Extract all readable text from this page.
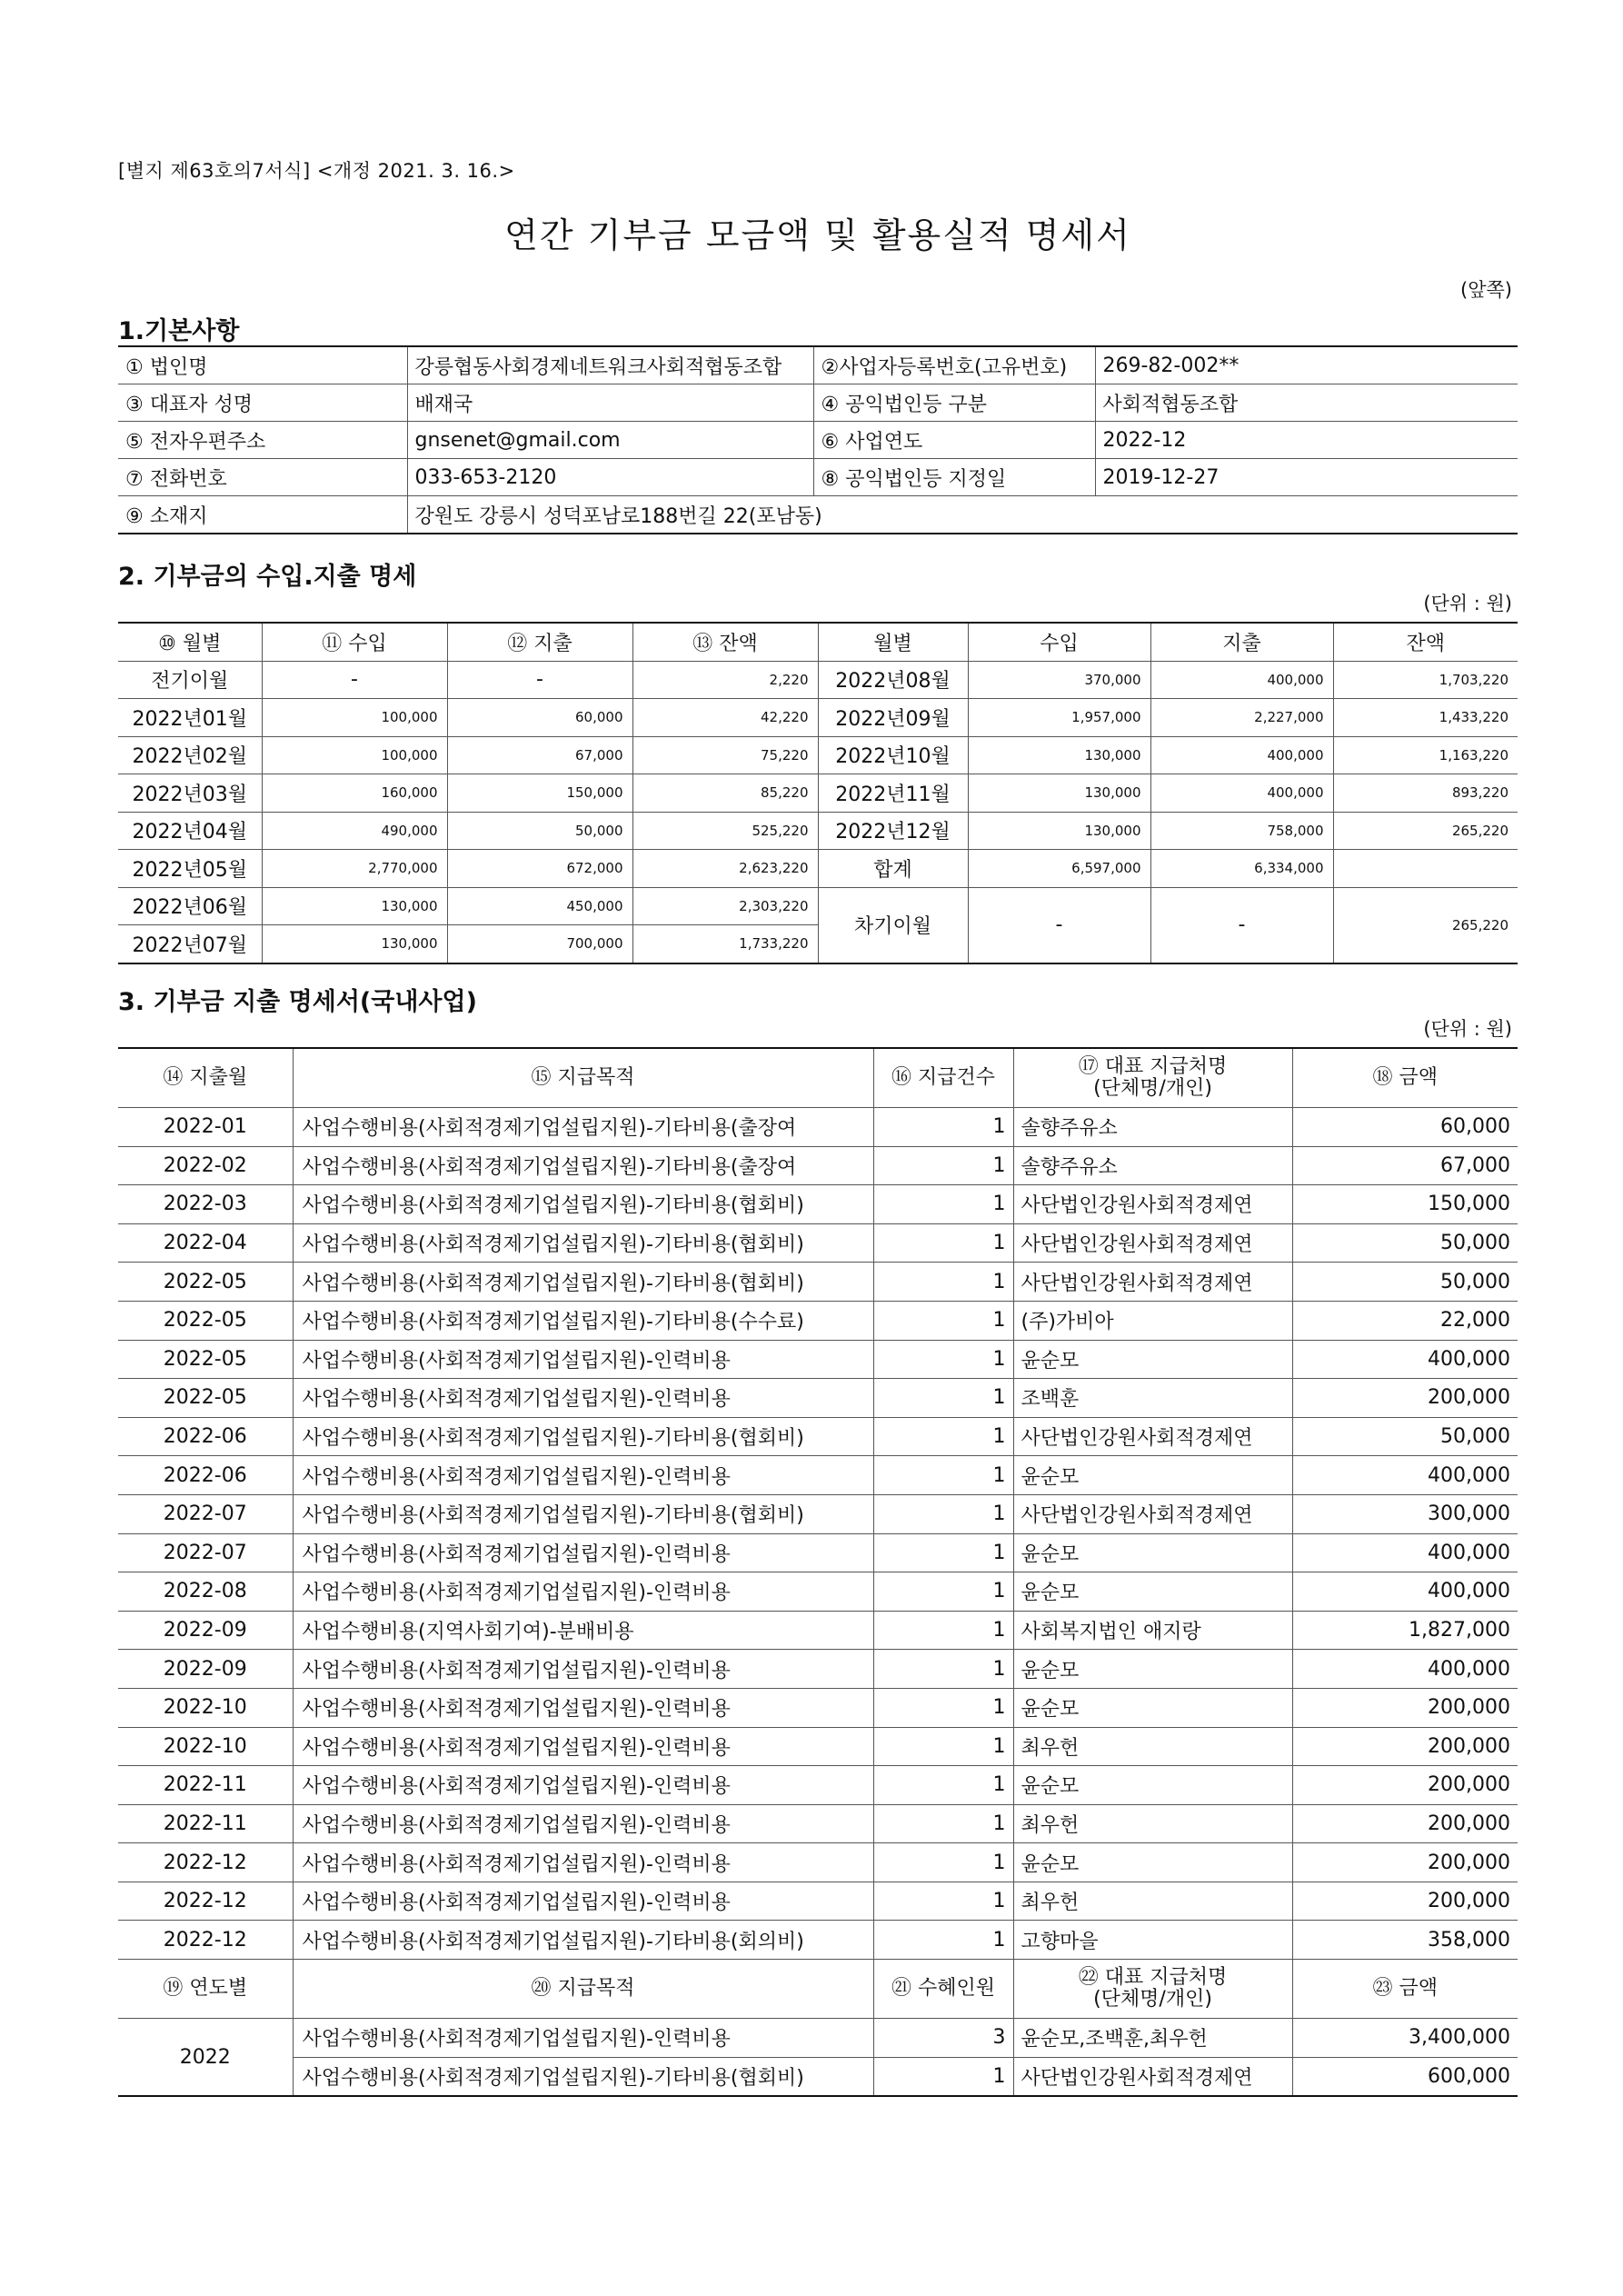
[별지 제63호의7서식] <개정 2021. 3. 16.>
연간 기부금 모금액 및 활용실적 명세서
(앞쪽)
1.기본사항
① 법인명	강릉협동사회경제네트워크사회적협동조합	②사업자등록번호(고유번호)	269-82-002**
③ 대표자 성명	배재국	④ 공익법인등 구분	사회적협동조합
⑤ 전자우편주소	gnsenet@gmail.com	⑥ 사업연도	2022-12
⑦ 전화번호	033-653-2120	⑧ 공익법인등 지정일	2019-12-27
⑨ 소재지	강원도 강릉시 성덕포남로188번길 22(포남동)		
2. 기부금의 수입.지출 명세
(단위 : 원)
⑩ 월별	⑪ 수입	⑫ 지출	⑬ 잔액	월별	수입	지출	잔액
전기이월	-	-	2,220	2022년08월	370,000	400,000	1,703,220
2022년01월	100,000	60,000	42,220	2022년09월	1,957,000	2,227,000	1,433,220
2022년02월	100,000	67,000	75,220	2022년10월	130,000	400,000	1,163,220
2022년03월	160,000	150,000	85,220	2022년11월	130,000	400,000	893,220
2022년04월	490,000	50,000	525,220	2022년12월	130,000	758,000	265,220
2022년05월	2,770,000	672,000	2,623,220	합계	6,597,000	6,334,000	
2022년06월	130,000	450,000	2,303,220	차기이월	-	-	265,220
2022년07월	130,000	700,000	1,733,220				
3. 기부금 지출 명세서(국내사업)
(단위 : 원)
⑭ 지출월	⑮ 지급목적	⑯ 지급건수	⑰ 대표 지급처명
(단체명/개인)	⑱ 금액
2022-01	사업수행비용(사회적경제기업설립지원)-기타비용(출장여	1	솔향주유소	60,000
2022-02	사업수행비용(사회적경제기업설립지원)-기타비용(출장여	1	솔향주유소	67,000
2022-03	사업수행비용(사회적경제기업설립지원)-기타비용(협회비)	1	사단법인강원사회적경제연	150,000
2022-04	사업수행비용(사회적경제기업설립지원)-기타비용(협회비)	1	사단법인강원사회적경제연	50,000
2022-05	사업수행비용(사회적경제기업설립지원)-기타비용(협회비)	1	사단법인강원사회적경제연	50,000
2022-05	사업수행비용(사회적경제기업설립지원)-기타비용(수수료)	1	(주)가비아	22,000
2022-05	사업수행비용(사회적경제기업설립지원)-인력비용	1	윤순모	400,000
2022-05	사업수행비용(사회적경제기업설립지원)-인력비용	1	조백훈	200,000
2022-06	사업수행비용(사회적경제기업설립지원)-기타비용(협회비)	1	사단법인강원사회적경제연	50,000
2022-06	사업수행비용(사회적경제기업설립지원)-인력비용	1	윤순모	400,000
2022-07	사업수행비용(사회적경제기업설립지원)-기타비용(협회비)	1	사단법인강원사회적경제연	300,000
2022-07	사업수행비용(사회적경제기업설립지원)-인력비용	1	윤순모	400,000
2022-08	사업수행비용(사회적경제기업설립지원)-인력비용	1	윤순모	400,000
2022-09	사업수행비용(지역사회기여)-분배비용	1	사회복지법인 애지랑	1,827,000
2022-09	사업수행비용(사회적경제기업설립지원)-인력비용	1	윤순모	400,000
2022-10	사업수행비용(사회적경제기업설립지원)-인력비용	1	윤순모	200,000
2022-10	사업수행비용(사회적경제기업설립지원)-인력비용	1	최우헌	200,000
2022-11	사업수행비용(사회적경제기업설립지원)-인력비용	1	윤순모	200,000
2022-11	사업수행비용(사회적경제기업설립지원)-인력비용	1	최우헌	200,000
2022-12	사업수행비용(사회적경제기업설립지원)-인력비용	1	윤순모	200,000
2022-12	사업수행비용(사회적경제기업설립지원)-인력비용	1	최우헌	200,000
2022-12	사업수행비용(사회적경제기업설립지원)-기타비용(회의비)	1	고향마을	358,000
⑲ 연도별	⑳ 지급목적	㉑ 수혜인원	㉒ 대표 지급처명
(단체명/개인)	㉓ 금액
2022	사업수행비용(사회적경제기업설립지원)-인력비용	3	윤순모,조백훈,최우헌	3,400,000
	사업수행비용(사회적경제기업설립지원)-기타비용(협회비)	1	사단법인강원사회적경제연	600,000
